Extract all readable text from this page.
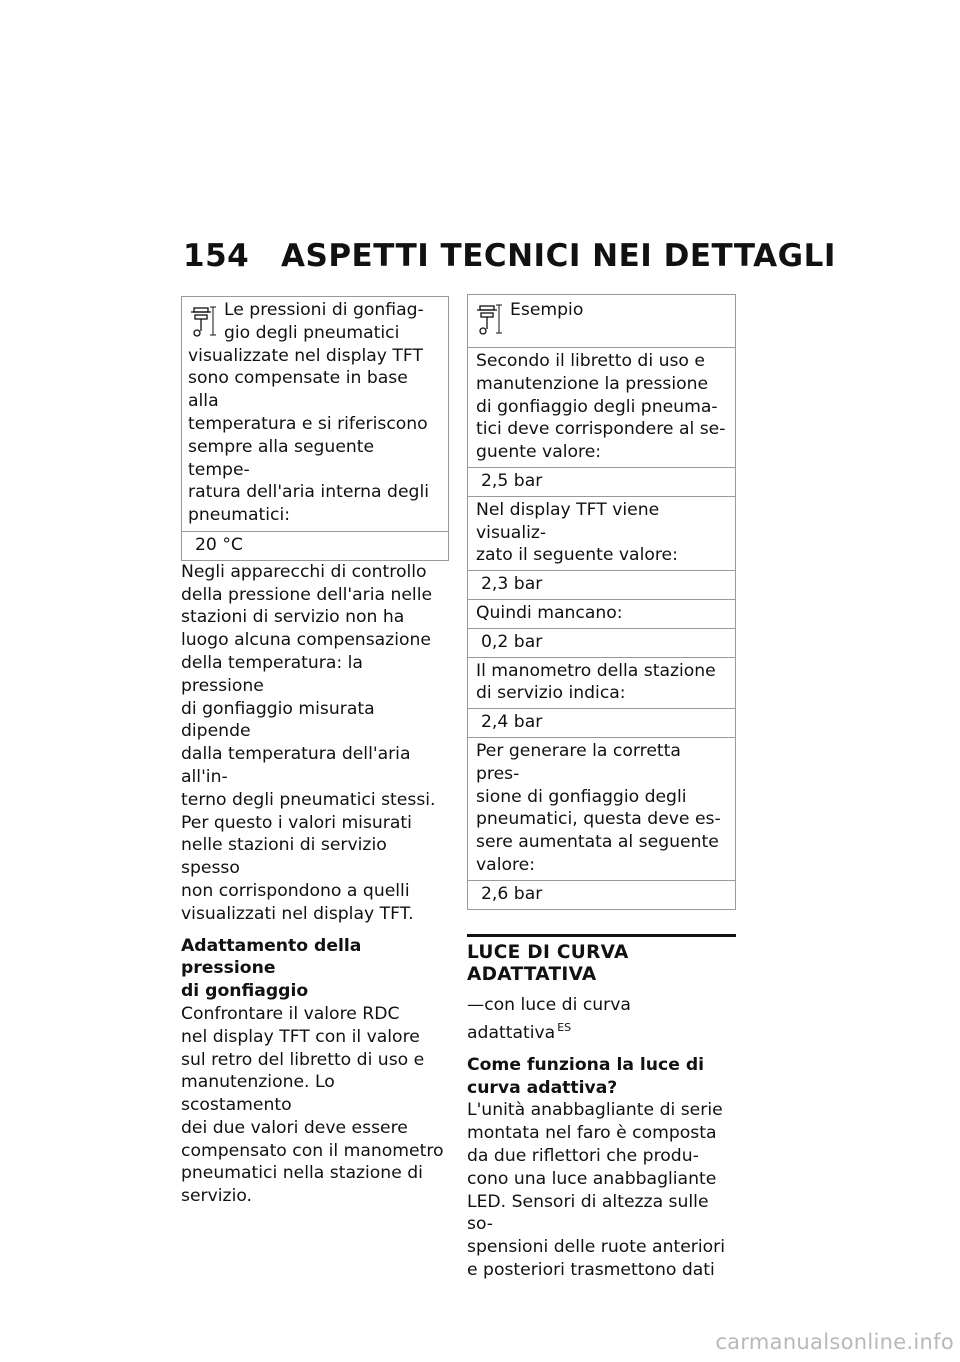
154 ASPETTI TECNICI NEI DETTAGLI
Le pressioni di gonfiag-
gio degli pneumatici
visualizzate nel display TFT
sono compensate in base alla
temperatura e si riferiscono
sempre alla seguente tempe-
ratura dell'aria interna degli
pneumatici:
20 °C
Negli apparecchi di controllo
della pressione dell'aria nelle
stazioni di servizio non ha
luogo alcuna compensazione
della temperatura: la pressione
di gonfiaggio misurata dipende
dalla temperatura dell'aria all'in-
terno degli pneumatici stessi.
Per questo i valori misurati
nelle stazioni di servizio spesso
non corrispondono a quelli
visualizzati nel display TFT.
Adattamento della pressione
di gonfiaggio
Confrontare il valore RDC
nel display TFT con il valore
sul retro del libretto di uso e
manutenzione. Lo scostamento
dei due valori deve essere
compensato con il manometro
pneumatici nella stazione di
servizio.
Esempio
Secondo il libretto di uso e
manutenzione la pressione
di gonfiaggio degli pneuma-
tici deve corrispondere al se-
guente valore:
2,5 bar
Nel display TFT viene visualiz-
zato il seguente valore:
2,3 bar
Quindi mancano:
0,2 bar
Il manometro della stazione
di servizio indica:
2,4 bar
Per generare la corretta pres-
sione di gonfiaggio degli
pneumatici, questa deve es-
sere aumentata al seguente
valore:
2,6 bar
LUCE DI CURVA ADATTATIVA
—con luce di curva adattativa $^{ES}$
Come funziona la luce di
curva adattiva?
L'unità anabbagliante di serie
montata nel faro è composta
da due riflettori che produ-
cono una luce anabbagliante
LED. Sensori di altezza sulle so-
spensioni delle ruote anteriori
e posteriori trasmettono dati
carmanualsonline.info
